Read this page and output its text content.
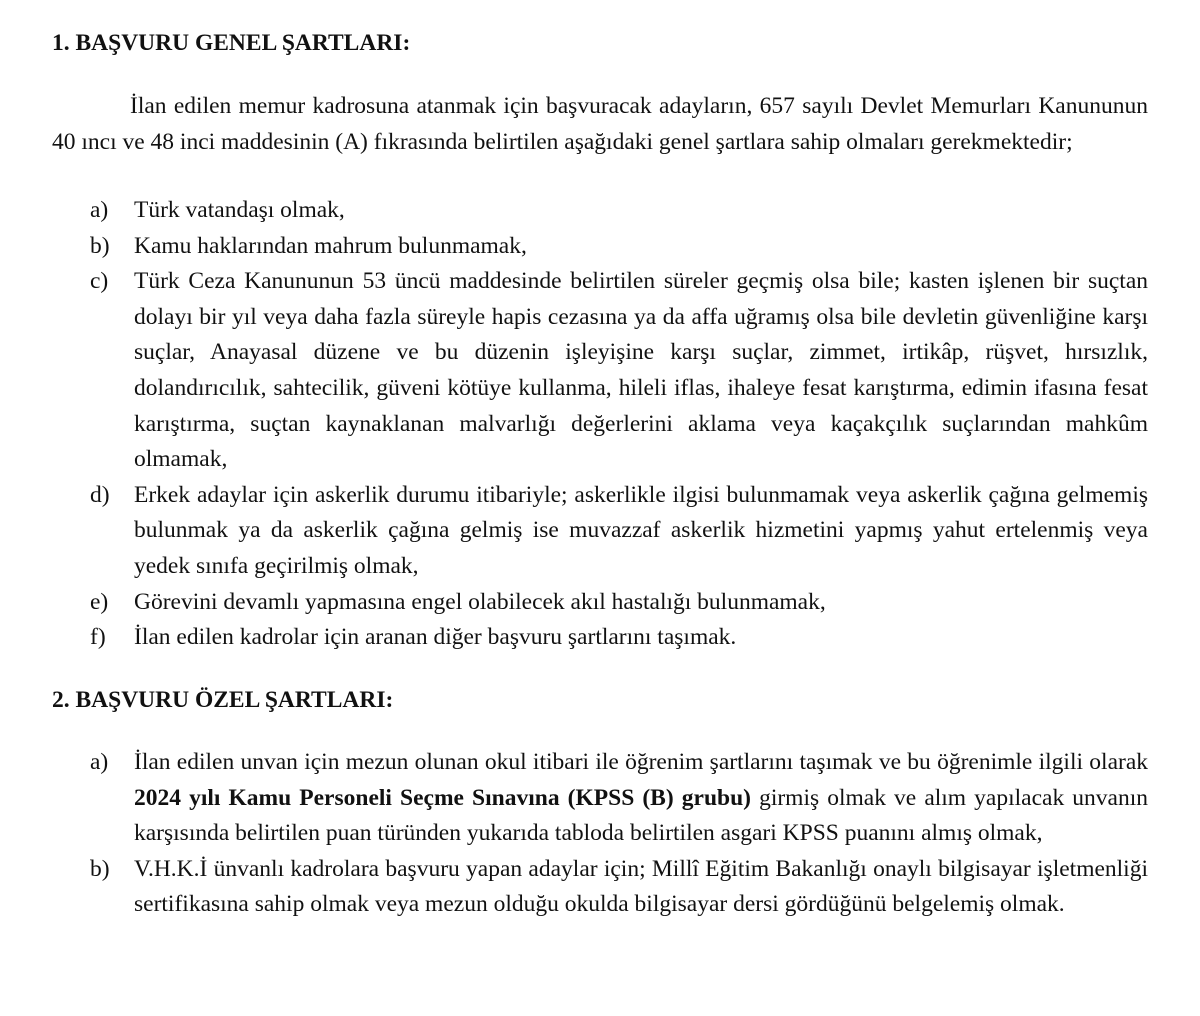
1. BAŞVURU GENEL ŞARTLARI:

İlan edilen memur kadrosuna atanmak için başvuracak adayların, 657 sayılı Devlet Memurları Kanununun 40 ıncı ve 48 inci maddesinin (A) fıkrasında belirtilen aşağıdaki genel şartlara sahip olmaları gerekmektedir;

a)	Türk vatandaşı olmak,
b)	Kamu haklarından mahrum bulunmamak,
c)	Türk Ceza Kanununun 53 üncü maddesinde belirtilen süreler geçmiş olsa bile; kasten işlenen bir suçtan dolayı bir yıl veya daha fazla süreyle hapis cezasına ya da affa uğramış olsa bile devletin güvenliğine karşı suçlar, Anayasal düzene ve bu düzenin işleyişine karşı suçlar, zimmet, irtikâp, rüşvet, hırsızlık, dolandırıcılık, sahtecilik, güveni kötüye kullanma, hileli iflas, ihaleye fesat karıştırma, edimin ifasına fesat karıştırma, suçtan kaynaklanan malvarlığı değerlerini aklama veya kaçakçılık suçlarından mahkûm olmamak,
d)	Erkek adaylar için askerlik durumu itibariyle; askerlikle ilgisi bulunmamak veya askerlik çağına gelmemiş bulunmak ya da askerlik çağına gelmiş ise muvazzaf askerlik hizmetini yapmış yahut ertelenmiş veya yedek sınıfa geçirilmiş olmak,
e)	Görevini devamlı yapmasına engel olabilecek akıl hastalığı bulunmamak,
f)	İlan edilen kadrolar için aranan diğer başvuru şartlarını taşımak.
2. BAŞVURU ÖZEL ŞARTLARI:
a)	İlan edilen unvan için mezun olunan okul itibari ile öğrenim şartlarını taşımak ve bu öğrenimle ilgili olarak 2024 yılı Kamu Personeli Seçme Sınavına (KPSS (B) grubu) girmiş olmak ve alım yapılacak unvanın karşısında belirtilen puan türünden yukarıda tabloda belirtilen asgari KPSS puanını almış olmak,
b)	V.H.K.İ ünvanlı kadrolara başvuru yapan adaylar için; Millî Eğitim Bakanlığı onaylı bilgisayar işletmenliği sertifikasına sahip olmak veya mezun olduğu okulda bilgisayar dersi gördüğünü belgelemiş olmak.
